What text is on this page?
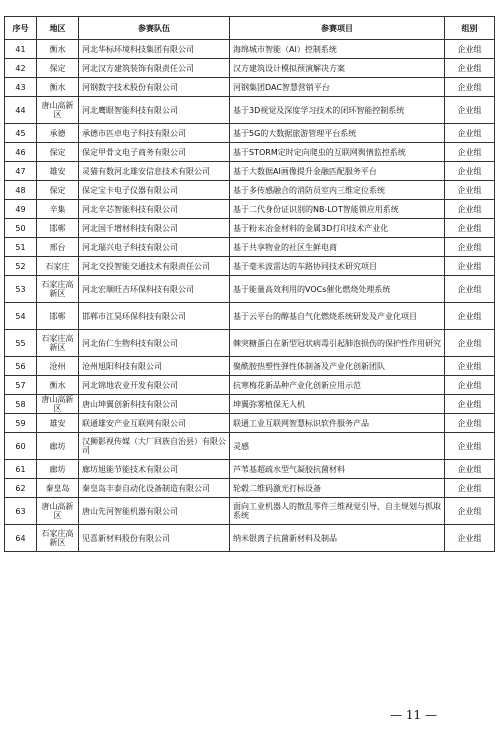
序号	地区	参赛队伍	参赛项目	组别
41	衡水	河北华标环境科技集团有限公司	海绵城市智能（AI）控制系统	企业组
42	保定	河北汉方建筑装饰有限责任公司	汉方建筑设计模拟预演解决方案	企业组
43	衡水	河钢数字技术股份有限公司	河钢集团DAC智慧营销平台	企业组
44	唐山高新区	河北鹰眼智能科技有限公司	基于3D视觉及深度学习技术的闭环智能控制系统	企业组
45	承德	承德市匹卓电子科技有限公司	基于5G的大数据旅游管理平台系统	企业组
46	保定	保定甲骨文电子商务有限公司	基于STORM定时定向爬虫的互联网舆情监控系统	企业组
47	雄安	灵猫有数河北雄安信息技术有限公司	基于大数据AI画像提升金融匹配服务平台	企业组
48	保定	保定宝卡电子仪器有限公司	基于多传感融合的消防员室内三维定位系统	企业组
49	辛集	河北辛芯智能科技有限公司	基于二代身份证识别的NB-LOT智能锁应用系统	企业组
50	邯郸	河北国千增材科技有限公司	基于粉末冶金材料的金属3D打印技术产业化	企业组
51	邢台	河北瑞兴电子科技有限公司	基于共享物业的社区生鲜电商	企业组
52	石家庄	河北交投智能交通技术有限责任公司	基于毫米波雷达的车路协同技术研究项目	企业组
53	石家庄高新区	河北宏顺旺吉环保科技有限公司	基于能量高效利用的VOCs催化燃烧处理系统	企业组
54	邯郸	邯郸市江昊环保科技有限公司	基于云平台的醇基自气化燃烧系统研发及产业化项目	企业组
55	石家庄高新区	河北佑仁生物科技有限公司	棘突糖蛋白在新型冠状病毒引起肺泡损伤的保护性作用研究	企业组
56	沧州	沧州旭阳科技有限公司	聚酰胺热塑性弹性体制备及产业化创新团队	企业组
57	衡水	河北锦地农业开发有限公司	抗寒梅花新品种产业化创新应用示范	企业组
58	唐山高新区	唐山坤翼创新科技有限公司	坤翼弥雾植保无人机	企业组
59	雄安	联通雄安产业互联网有限公司	联通工业互联网智慧标识软件服务产品	企业组
60	廊坊	汉狮影视传媒（大厂回族自治县）有限公司	灵感	企业组
61	廊坊	廊坊旭能节能技术有限公司	芦苇基超疏水型气凝胶抗菌材料	企业组
62	秦皇岛	秦皇岛丰泰自动化设备制造有限公司	轮毂二维码激光打标设备	企业组
63	唐山高新区	唐山先河智能机器有限公司	面向工业机器人的散乱零件三维视觉引导、自主规划与抓取系统	企业组
64	石家庄高新区	见喜新材料股份有限公司	纳米银离子抗菌新材料及制品	企业组
— 11 —
